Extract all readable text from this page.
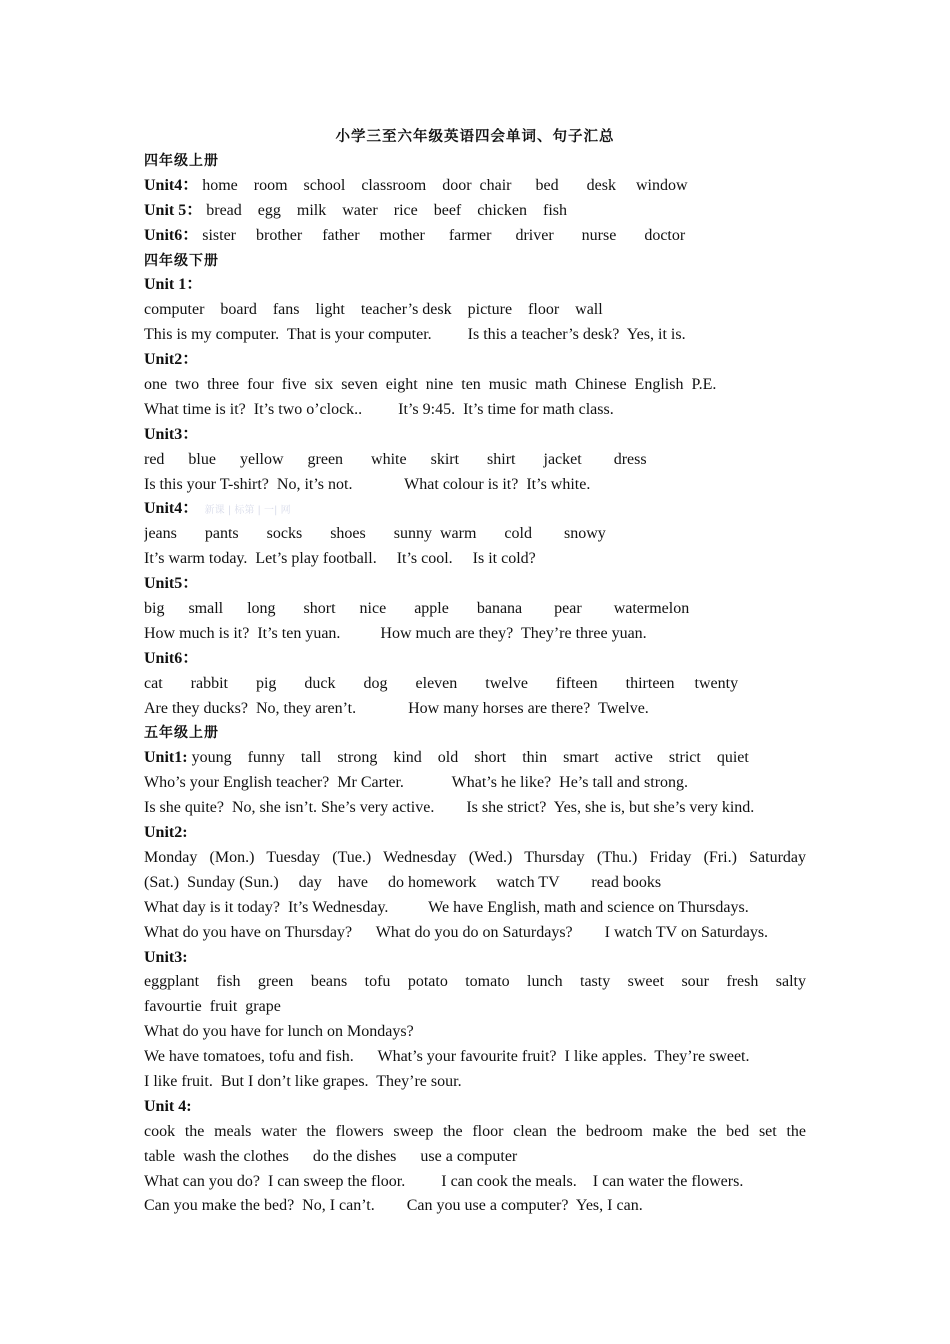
小学三至六年级英语四会单词、句子汇总
四年级上册
Unit4： home    room    school    classroom    door  chair      bed       desk     window
Unit 5： bread    egg    milk    water    rice    beef    chicken    fish
Unit6： sister     brother     father     mother      farmer      driver       nurse       doctor
四年级下册
Unit 1：
computer    board    fans    light    teacher’s desk    picture    floor    wall
This is my computer.  That is your computer.         Is this a teacher’s desk?  Yes, it is.
Unit2：
one  two  three  four  five  six  seven  eight  nine  ten  music  math  Chinese  English  P.E.
What time is it?  It’s two o’clock..         It’s 9:45.  It’s time for math class.
Unit3：
red      blue      yellow      green       white      skirt       shirt       jacket        dress
Is this your T-shirt?  No, it’s not.             What colour is it?  It’s white.
Unit4：  新课 | 标第 | 一| 网
jeans       pants       socks       shoes       sunny  warm       cold        snowy
It’s warm today.  Let’s play football.     It’s cool.     Is it cold?
Unit5：
big      small      long       short      nice       apple       banana        pear        watermelon
How much is it?  It’s ten yuan.          How much are they?  They’re three yuan.
Unit6：
cat       rabbit       pig       duck       dog       eleven       twelve       fifteen       thirteen     twenty
Are they ducks?  No, they aren’t.             How many horses are there?  Twelve.
五年级上册
Unit1: young    funny    tall    strong    kind    old    short    thin    smart    active    strict    quiet
Who’s your English teacher?  Mr Carter.            What’s he like?  He’s tall and strong.
Is she quite?  No, she isn’t. She’s very active.        Is she strict?  Yes, she is, but she’s very kind.
Unit2:
Monday (Mon.) Tuesday (Tue.) Wednesday (Wed.) Thursday (Thu.) Friday (Fri.) Saturday
(Sat.)  Sunday (Sun.)     day    have     do homework     watch TV        read books
What day is it today?  It’s Wednesday.          We have English, math and science on Thursdays.
What do you have on Thursday?      What do you do on Saturdays?        I watch TV on Saturdays.
Unit3:
eggplant fish green beans tofu potato tomato lunch tasty sweet sour fresh salty
favourtie  fruit  grape
What do you have for lunch on Mondays?
We have tomatoes, tofu and fish.      What’s your favourite fruit?  I like apples.  They’re sweet.
I like fruit.  But I don’t like grapes.  They’re sour.
Unit 4:
cook the meals water the flowers sweep the floor clean the bedroom make the bed set the
table  wash the clothes      do the dishes      use a computer
What can you do?  I can sweep the floor.         I can cook the meals.    I can water the flowers.
Can you make the bed?  No, I can’t.        Can you use a computer?  Yes, I can.
